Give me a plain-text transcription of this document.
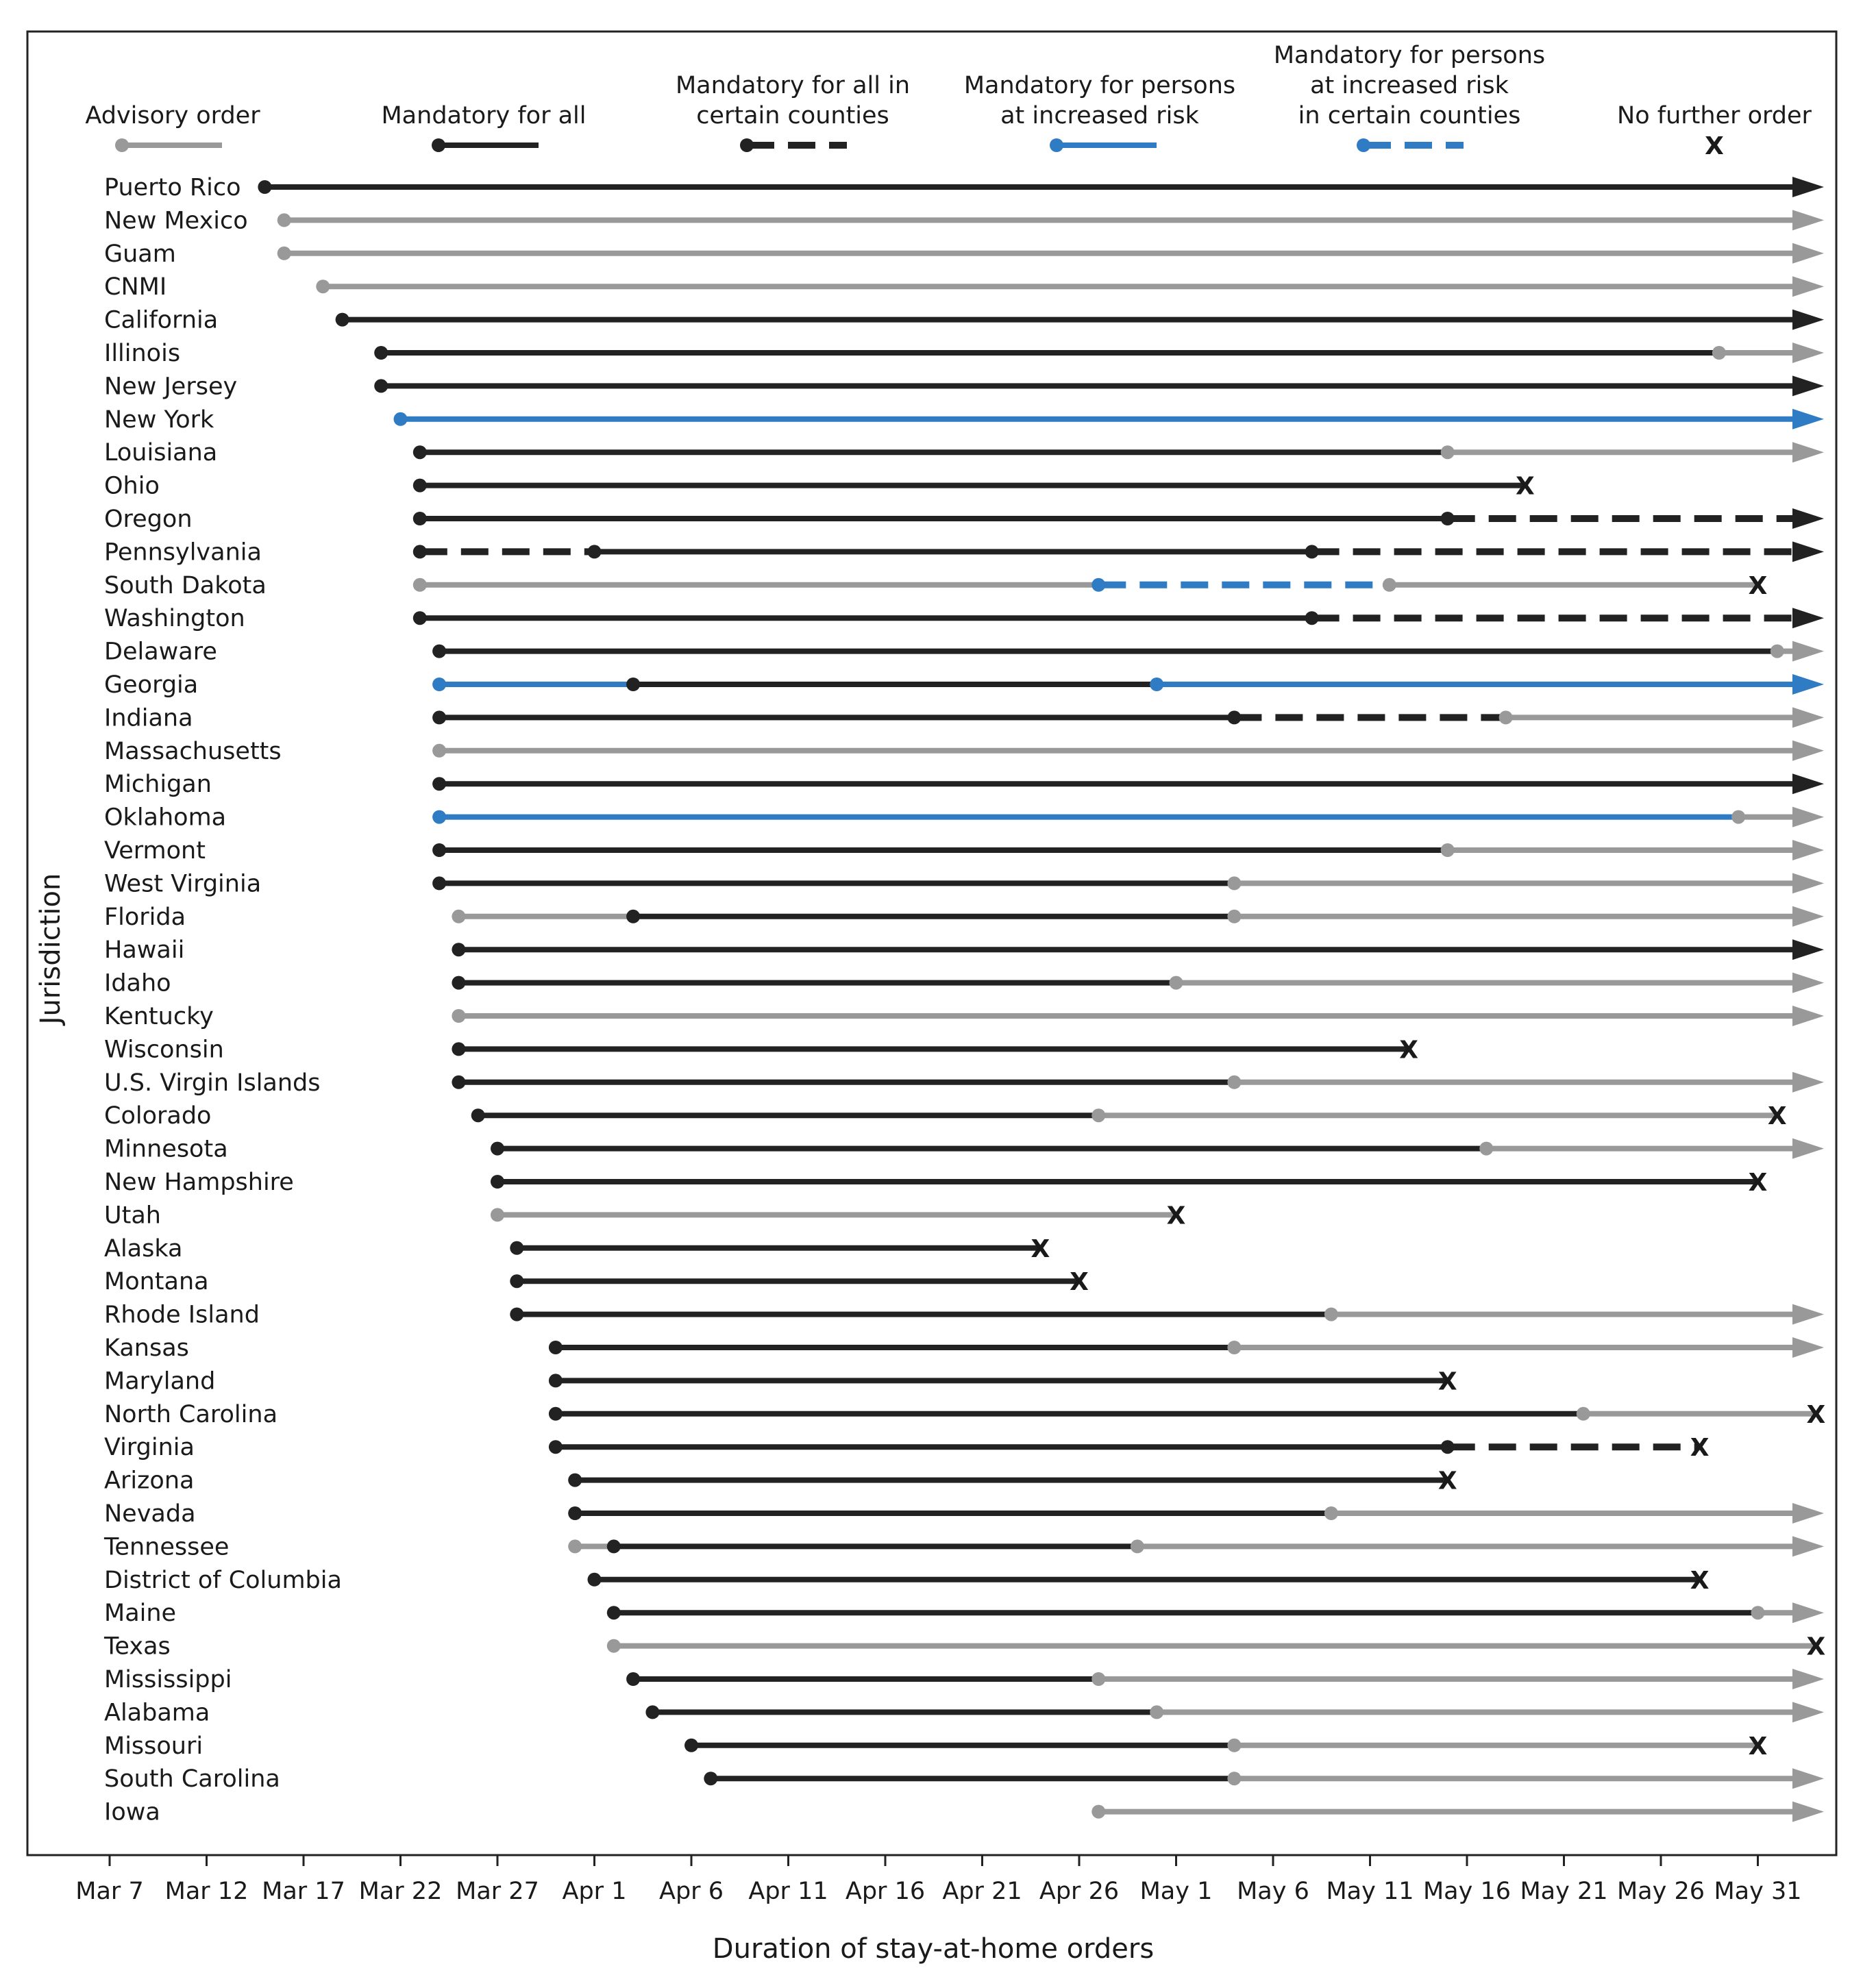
Advisory order	Mandatory for all
Mandatory for all in
certain counties
Mandatory for persons
at increased risk
Mandatory for persons
at increased risk
in certain counties	No further order
X
Puerto Rico
New Mexico
Guam
CNMI
California
Illinois
New Jersey
New York
Louisiana
Ohio	X
Oregon
Pennsylvania
South Dakota	X
Washington
Delaware
Georgia
Indiana
Massachusetts
Michigan
Oklahoma
Vermont
West Virginia
Florida
Hawaii
Idaho
Kentucky
Wisconsin	X
U.S. Virgin Islands
Colorado	X
Minnesota
New Hampshire	X
Utah	X
Alaska	X
Montana	X
Rhode Island
Kansas
Maryland	X
North Carolina	X
Virginia	X
Arizona	X
Nevada
Tennessee
District of Columbia	X
Maine
Texas	X
Mississippi
Alabama
Missouri	X
South Carolina
Iowa
Mar 7 Mar 12 Mar 17 Mar 22 Mar 27 Apr 1 Apr 6 Apr 11 Apr 16 Apr 21 Apr 26 May 1 May 6 May 11 May 16 May 21 May 26 May 31
Jurisdiction
Duration of stay-at-home orders
